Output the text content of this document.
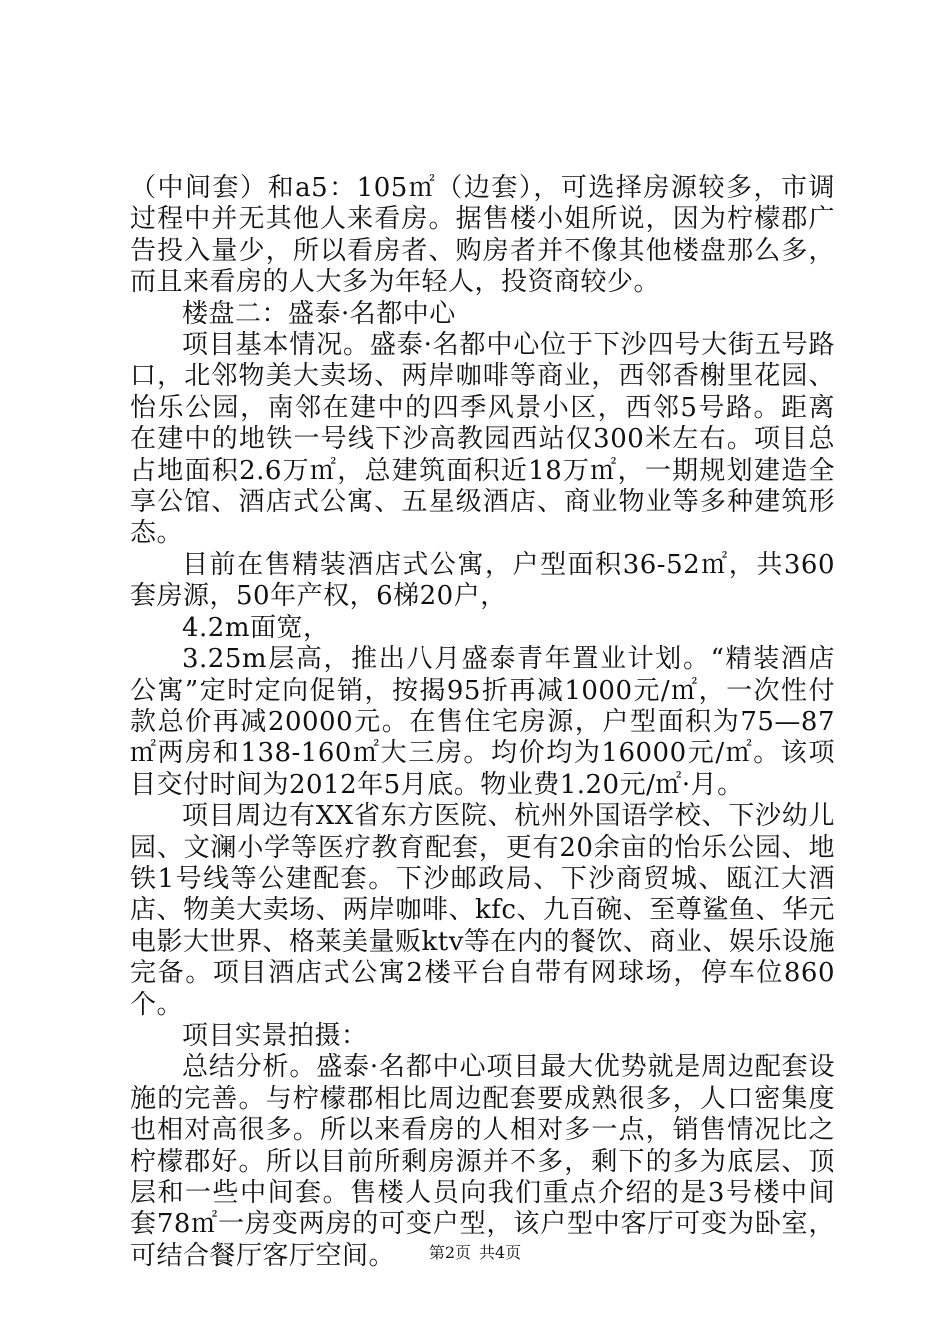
（中间套）和a5：105㎡（边套），可选择房源较多，市调过程中并无其他人来看房。据售楼小姐所说，因为柠檬郡广告投入量少，所以看房者、购房者并不像其他楼盘那么多，而且来看房的人大多为年轻人，投资商较少。

楼盘二：盛泰·名都中心

项目基本情况。盛泰·名都中心位于下沙四号大街五号路口，北邻物美大卖场、两岸咖啡等商业，西邻香榭里花园、怡乐公园，南邻在建中的四季风景小区，西邻5号路。距离在建中的地铁一号线下沙高教园西站仅300米左右。项目总占地面积2.6万㎡，总建筑面积近18万㎡，一期规划建造全享公馆、酒店式公寓、五星级酒店、商业物业等多种建筑形态。

目前在售精装酒店式公寓，户型面积36-52㎡，共360套房源，50年产权，6梯20户，

4.2m面宽，

3.25m层高，推出八月盛泰青年置业计划。“精装酒店公寓”定时定向促销，按揭95折再减1000元/㎡，一次性付款总价再减20000元。在售住宅房源，户型面积为75—87㎡两房和138-160㎡大三房。均价均为16000元/㎡。该项目交付时间为2012年5月底。物业费1.20元/㎡·月。

项目周边有XX省东方医院、杭州外国语学校、下沙幼儿园、文澜小学等医疗教育配套，更有20余亩的怡乐公园、地铁1号线等公建配套。下沙邮政局、下沙商贸城、瓯江大酒店、物美大卖场、两岸咖啡、kfc、九百碗、至尊鲨鱼、华元电影大世界、格莱美量贩ktv等在内的餐饮、商业、娱乐设施完备。项目酒店式公寓2楼平台自带有网球场，停车位860个。

项目实景拍摄：

总结分析。盛泰·名都中心项目最大优势就是周边配套设施的完善。与柠檬郡相比周边配套要成熟很多，人口密集度也相对高很多。所以来看房的人相对多一点，销售情况比之柠檬郡好。所以目前所剩房源并不多，剩下的多为底层、顶层和一些中间套。售楼人员向我们重点介绍的是3号楼中间套78㎡一房变两房的可变户型，该户型中客厅可变为卧室，可结合餐厅客厅空间。	第2页 共4页
